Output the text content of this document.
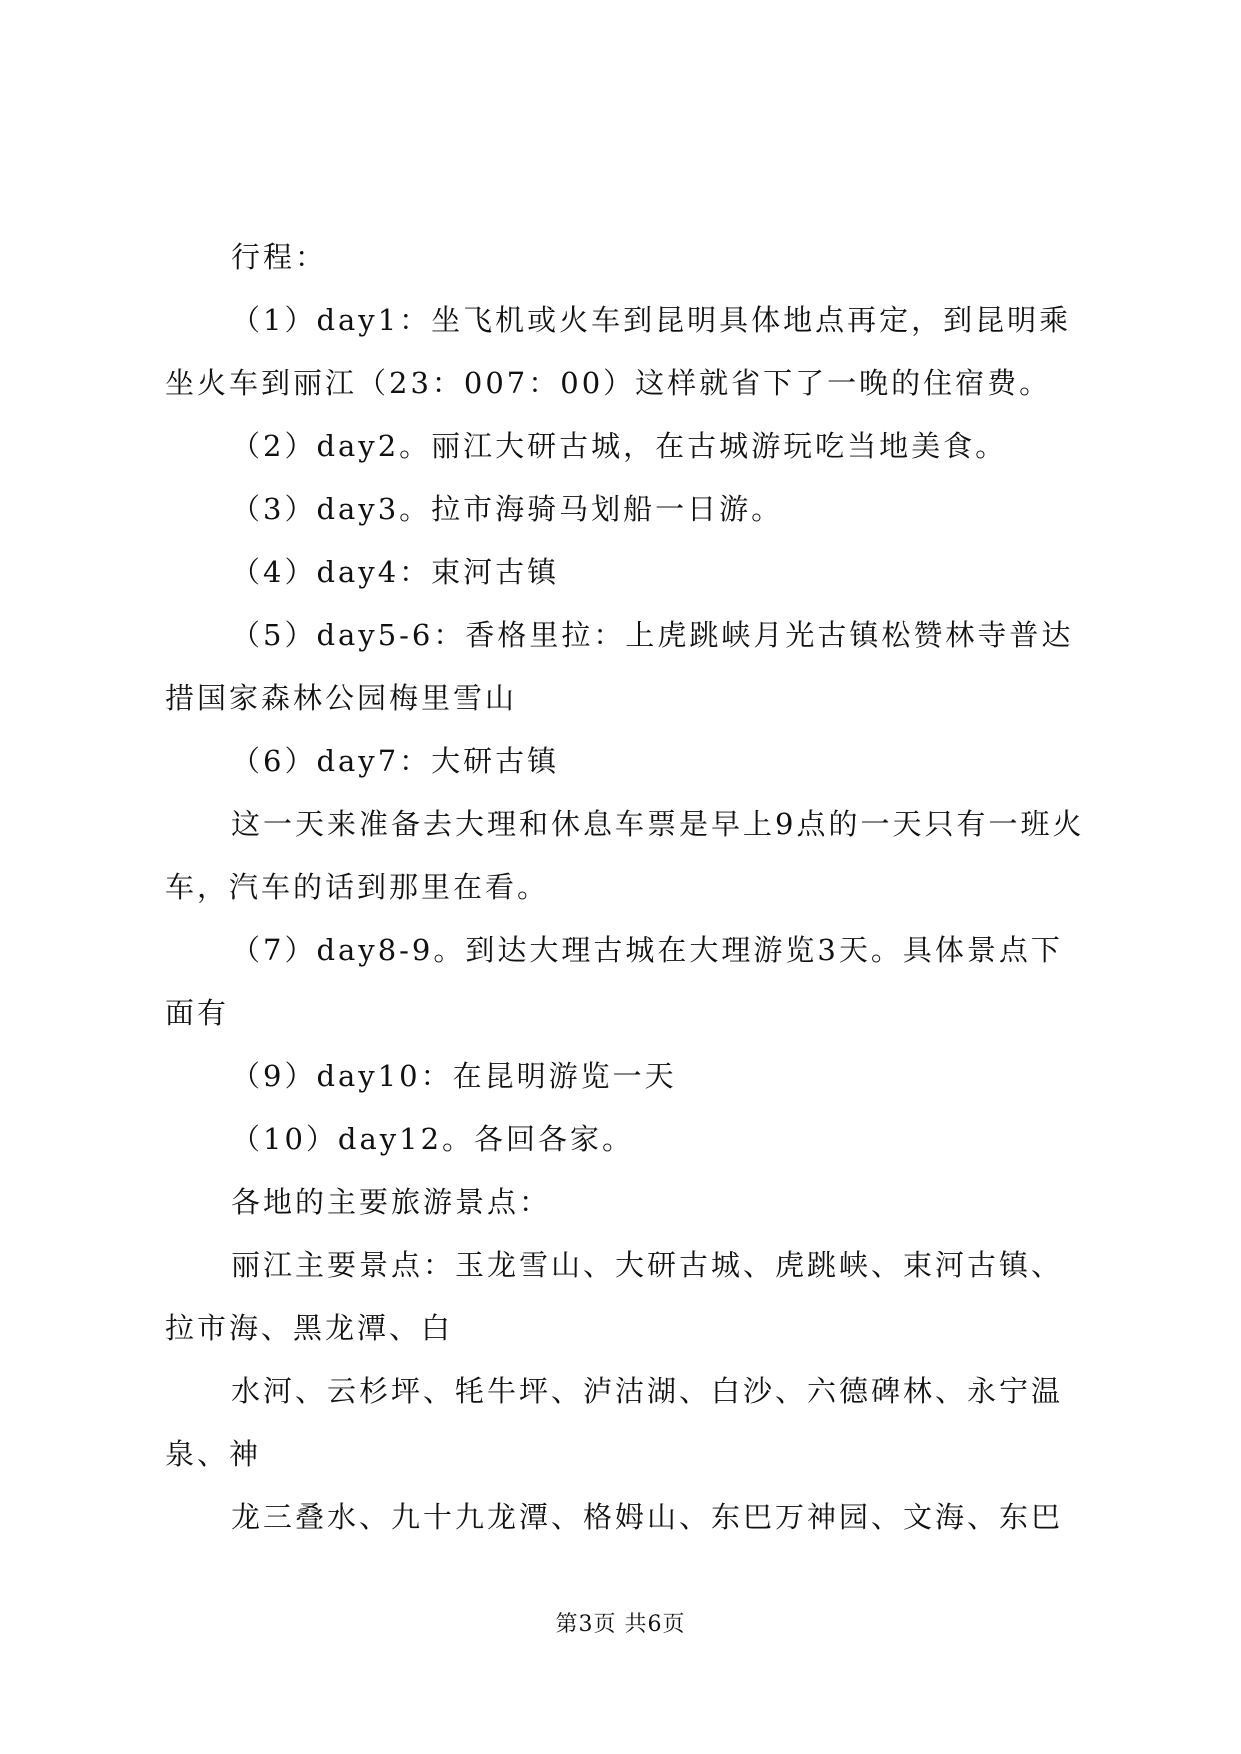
行程：

（1）day1：坐飞机或火车到昆明具体地点再定，到昆明乘坐火车到丽江（23：007：00）这样就省下了一晚的住宿费。

（2）day2。丽江大研古城，在古城游玩吃当地美食。

（3）day3。拉市海骑马划船一日游。

（4）day4：束河古镇

（5）day5-6：香格里拉：上虎跳峡月光古镇松赞林寺普达措国家森林公园梅里雪山

（6）day7：大研古镇

这一天来准备去大理和休息车票是早上9点的一天只有一班火车，汽车的话到那里在看。

（7）day8-9。到达大理古城在大理游览3天。具体景点下面有

（9）day10：在昆明游览一天

（10）day12。各回各家。

各地的主要旅游景点：

丽江主要景点：玉龙雪山、大研古城、虎跳峡、束河古镇、拉市海、黑龙潭、白

水河、云杉坪、牦牛坪、泸沽湖、白沙、六德碑林、永宁温泉、神

龙三叠水、九十九龙潭、格姆山、东巴万神园、文海、东巴

第3页 共6页
